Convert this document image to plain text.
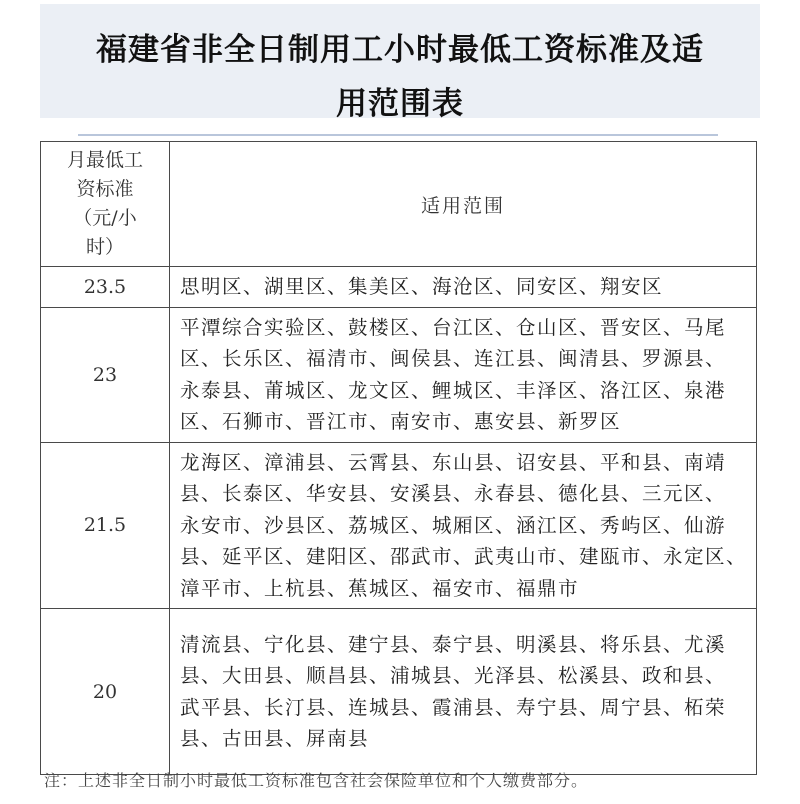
福建省非全日制用工小时最低工资标准及适
用范围表
月最低工
资标准
（元/小
时）	适用范围
23.5	思明区、湖里区、集美区、海沧区、同安区、翔安区

23	平潭综合实验区、鼓楼区、台江区、仓山区、晋安区、马尾
区、长乐区、福清市、闽侯县、连江县、闽清县、罗源县、
永泰县、莆城区、龙文区、鲤城区、丰泽区、洛江区、泉港
区、石狮市、晋江市、南安市、惠安县、新罗区

21.5	龙海区、漳浦县、云霄县、东山县、诏安县、平和县、南靖
县、长泰区、华安县、安溪县、永春县、德化县、三元区、
永安市、沙县区、荔城区、城厢区、涵江区、秀屿区、仙游
县、延平区、建阳区、邵武市、武夷山市、建瓯市、永定区、
漳平市、上杭县、蕉城区、福安市、福鼎市

20	清流县、宁化县、建宁县、泰宁县、明溪县、将乐县、尤溪
县、大田县、顺昌县、浦城县、光泽县、松溪县、政和县、
武平县、长汀县、连城县、霞浦县、寿宁县、周宁县、柘荣
县、古田县、屏南县
注：上述非全日制小时最低工资标准包含社会保险单位和个人缴费部分。
